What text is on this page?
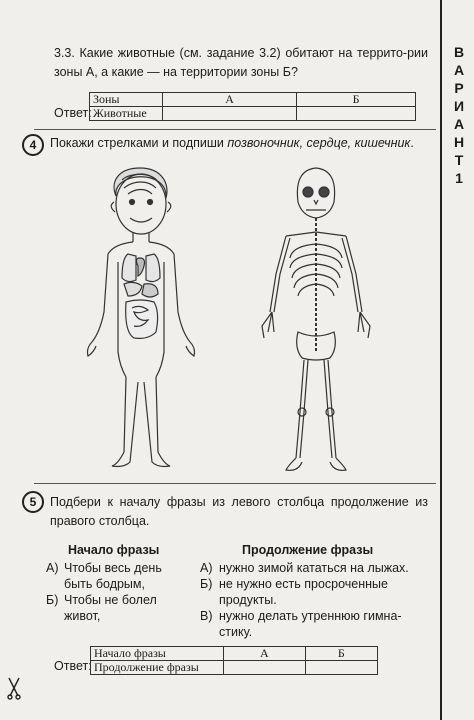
В
А
Р
И
А
Н
Т
1
3.3. Какие животные (см. задание 3.2) обитают на террито-рии зоны А, а какие — на территории зоны Б?
Ответ:
Зоны	А	Б
Животные		
4	Покажи стрелками и подпиши позвоночник, сердце, кишечник.
5	Подбери к началу фразы из левого столбца продолжение из правого столбца.
Начало фразы	Продолжение фразы
А) Чтобы весь день быть бодрым,
Б) Чтобы не болел живот,
А) нужно зимой кататься на лыжах.
Б) не нужно есть просроченные продукты.
В) нужно делать утреннюю гимна-стику.
Ответ:
Начало фразы	А	Б
Продолжение фразы		
